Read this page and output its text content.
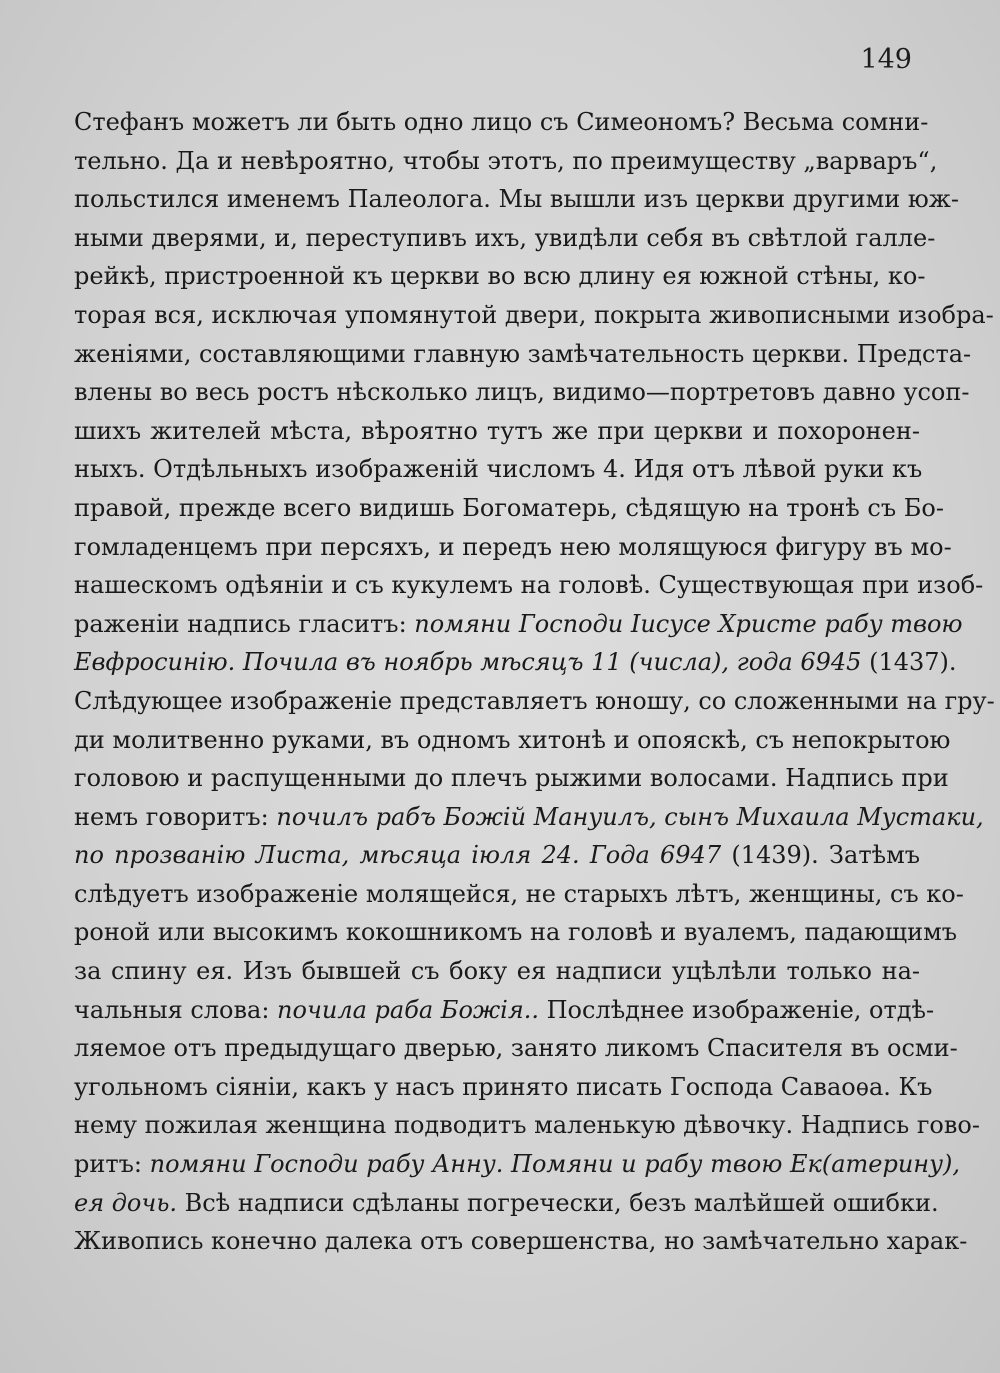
149
Стефанъ можетъ ли быть одно лицо съ Симеономъ? Весьма сомни-
тельно. Да и невѣроятно, чтобы этотъ, по преимуществу „варваръ“,
польстился именемъ Палеолога. Мы вышли изъ церкви другими юж-
ными дверями, и, переступивъ ихъ, увидѣли себя въ свѣтлой галле-
рейкѣ, пристроенной къ церкви во всю длину ея южной стѣны, ко-
торая вся, исключая упомянутой двери, покрыта живописными изобра-
женіями, составляющими главную замѣчательность церкви. Предста-
влены во весь ростъ нѣсколько лицъ, видимо—портретовъ давно усоп-
шихъ жителей мѣста, вѣроятно тутъ же при церкви и похоронен-
ныхъ. Отдѣльныхъ изображеній числомъ 4. Идя отъ лѣвой руки къ
правой, прежде всего видишь Богоматерь, сѣдящую на тронѣ съ Бо-
гомладенцемъ при персяхъ, и передъ нею молящуюся фигуру въ мо-
нашескомъ одѣяніи и съ кукулемъ на головѣ. Существующая при изоб-
раженіи надпись гласитъ: помяни Господи Іисусе Христе рабу твою
Евфросинію. Почила въ ноябрь мѣсяцъ 11 (числа), года 6945 (1437).
Слѣдующее изображеніе представляетъ юношу, со сложенными на гру-
ди молитвенно руками, въ одномъ хитонѣ и опояскѣ, съ непокрытою
головою и распущенными до плечъ рыжими волосами. Надпись при
немъ говоритъ: почилъ рабъ Божій Мануилъ, сынъ Михаила Мустаки,
по прозванію Листа, мѣсяца іюля 24. Года 6947 (1439). Затѣмъ
слѣдуетъ изображеніе молящейся, не старыхъ лѣтъ, женщины, съ ко-
роной или высокимъ кокошникомъ на головѣ и вуалемъ, падающимъ
за спину ея. Изъ бывшей съ боку ея надписи уцѣлѣли только на-
чальныя слова: почила раба Божія.. Послѣднее изображеніе, отдѣ-
ляемое отъ предыдущаго дверью, занято ликомъ Спасителя въ осми-
угольномъ сіяніи, какъ у насъ принято писать Господа Саваоѳа. Къ
нему пожилая женщина подводитъ маленькую дѣвочку. Надпись гово-
ритъ: помяни Господи рабу Анну. Помяни и рабу твою Ек(атерину),
ея дочь. Всѣ надписи сдѣланы погречески, безъ малѣйшей ошибки.
Живопись конечно далека отъ совершенства, но замѣчательно харак-
